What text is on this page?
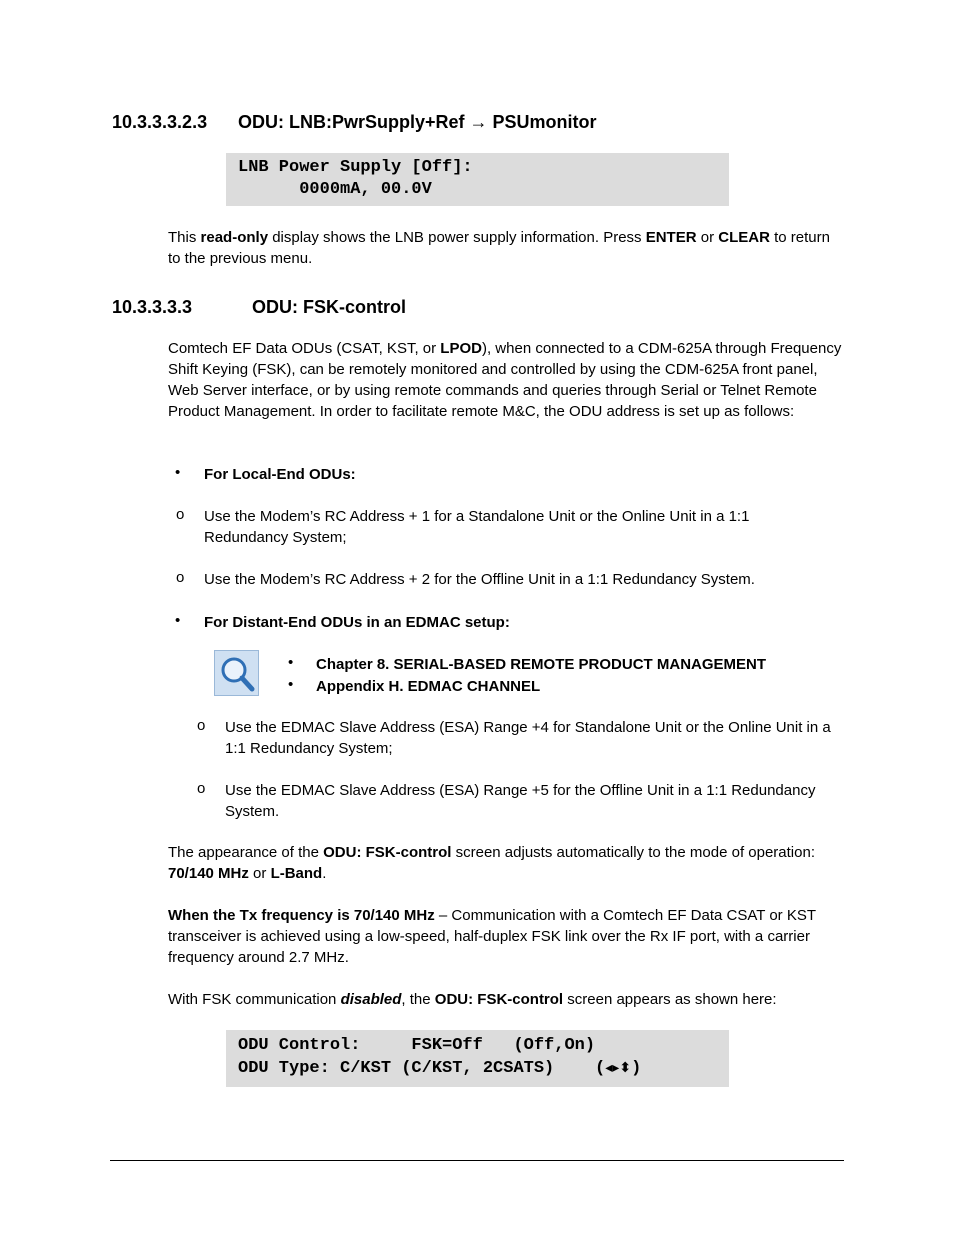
10.3.3.3.2.3 ODU: LNB:PwrSupply+Ref → PSUmonitor
LNB Power Supply [Off]:
0000mA, 00.0V
This read-only display shows the LNB power supply information. Press ENTER or CLEAR to return to the previous menu.
10.3.3.3.3	ODU: FSK-control
Comtech EF Data ODUs (CSAT, KST, or LPOD), when connected to a CDM-625A through Frequency Shift Keying (FSK), can be remotely monitored and controlled by using the CDM-625A front panel, Web Server interface, or by using remote commands and queries through Serial or Telnet Remote Product Management. In order to facilitate remote M&C, the ODU address is set up as follows:
• For Local-End ODUs:
o Use the Modem’s RC Address + 1 for a Standalone Unit or the Online Unit in a 1:1 Redundancy System;
o Use the Modem’s RC Address + 2 for the Offline Unit in a 1:1 Redundancy System.
• For Distant-End ODUs in an EDMAC setup:
• Chapter 8. SERIAL-BASED REMOTE PRODUCT MANAGEMENT
• Appendix H. EDMAC CHANNEL
o Use the EDMAC Slave Address (ESA) Range +4 for Standalone Unit or the Online Unit in a 1:1 Redundancy System;
o Use the EDMAC Slave Address (ESA) Range +5 for the Offline Unit in a 1:1 Redundancy System.
The appearance of the ODU: FSK-control screen adjusts automatically to the mode of operation: 70/140 MHz or L-Band.
When the Tx frequency is 70/140 MHz – Communication with a Comtech EF Data CSAT or KST transceiver is achieved using a low-speed, half-duplex FSK link over the Rx IF port, with a carrier frequency around 2.7 MHz.
With FSK communication disabled, the ODU: FSK-control screen appears as shown here:
ODU Control:     FSK=Off   (Off,On)
ODU Type: C/KST (C/KST, 2CSATS)    (◂▸⬍)
